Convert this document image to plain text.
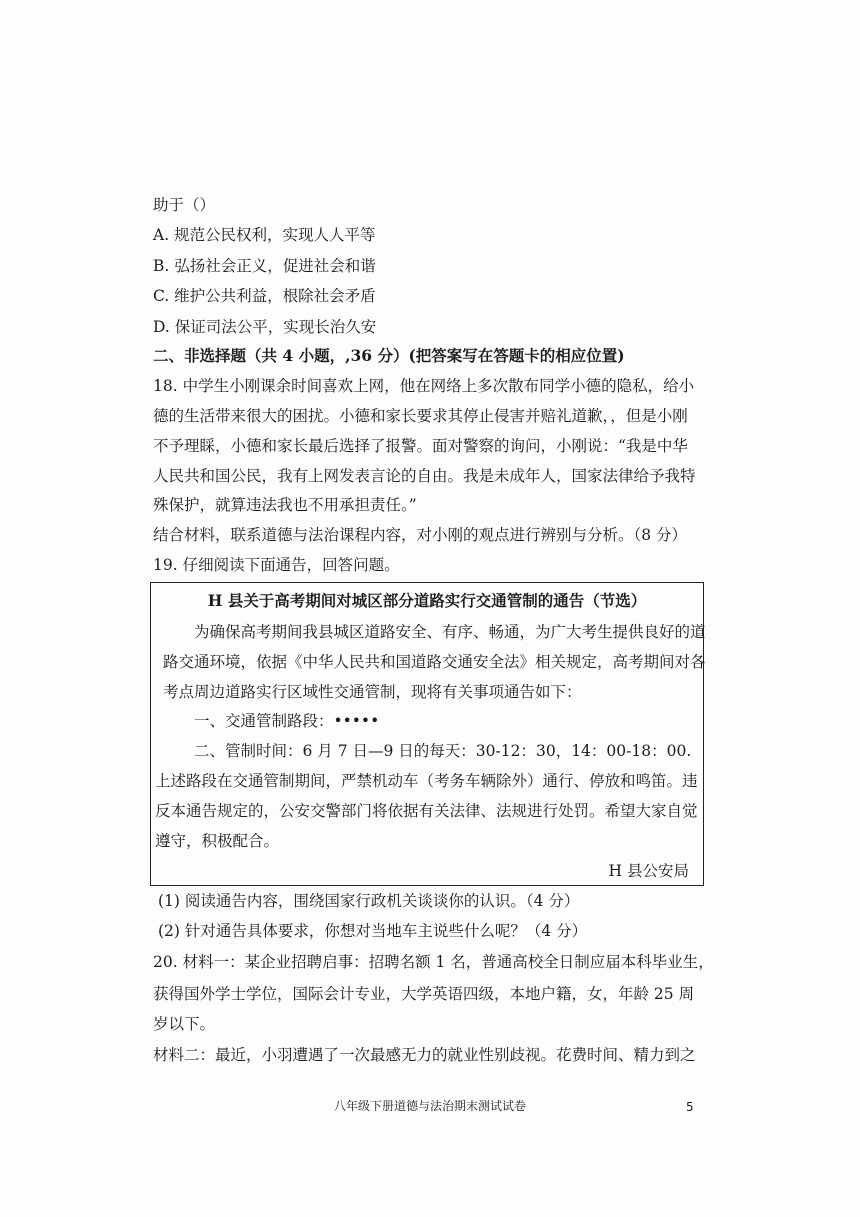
助于（）
A. 规范公民权利，实现人人平等
B. 弘扬社会正义，促进社会和谐
C. 维护公共利益，根除社会矛盾
D. 保证司法公平，实现长治久安
二、非选择题（共 4 小题，,36 分）(把答案写在答题卡的相应位置)
18. 中学生小刚课余时间喜欢上网，他在网络上多次散布同学小德的隐私，给小
德的生活带来很大的困扰。小德和家长要求其停止侵害并赔礼道歉，，但是小刚
不予理睬，小德和家长最后选择了报警。面对警察的询问，小刚说：“我是中华
人民共和国公民，我有上网发表言论的自由。我是未成年人，国家法律给予我特
殊保护，就算违法我也不用承担责任。”
结合材料，联系道德与法治课程内容，对小刚的观点进行辨别与分析。（8 分）
19. 仔细阅读下面通告，回答问题。
H 县关于高考期间对城区部分道路实行交通管制的通告（节选）
　　为确保高考期间我县城区道路安全、有序、畅通，为广大考生提供良好的道
路交通环境，依据《中华人民共和国道路交通安全法》相关规定，高考期间对各
考点周边道路实行区域性交通管制，现将有关事项通告如下：
　　一、交通管制路段：•••••
　　二、管制时间：6 月 7 日—9 日的每天：30-12：30，14：00-18：00.
上述路段在交通管制期间，严禁机动车（考务车辆除外）通行、停放和鸣笛。违
反本通告规定的，公安交警部门将依据有关法律、法规进行处罚。希望大家自觉
遵守，积极配合。
H 县公安局
(1) 阅读通告内容，围绕国家行政机关谈谈你的认识。（4 分）
(2) 针对通告具体要求，你想对当地车主说些什么呢？（4 分）
20. 材料一：某企业招聘启事：招聘名额 1 名，普通高校全日制应届本科毕业生，
获得国外学士学位，国际会计专业，大学英语四级，本地户籍，女，年龄 25 周
岁以下。
材料二：最近，小羽遭遇了一次最感无力的就业性别歧视。花费时间、精力到之
八年级下册道德与法治期末测试试卷	5
